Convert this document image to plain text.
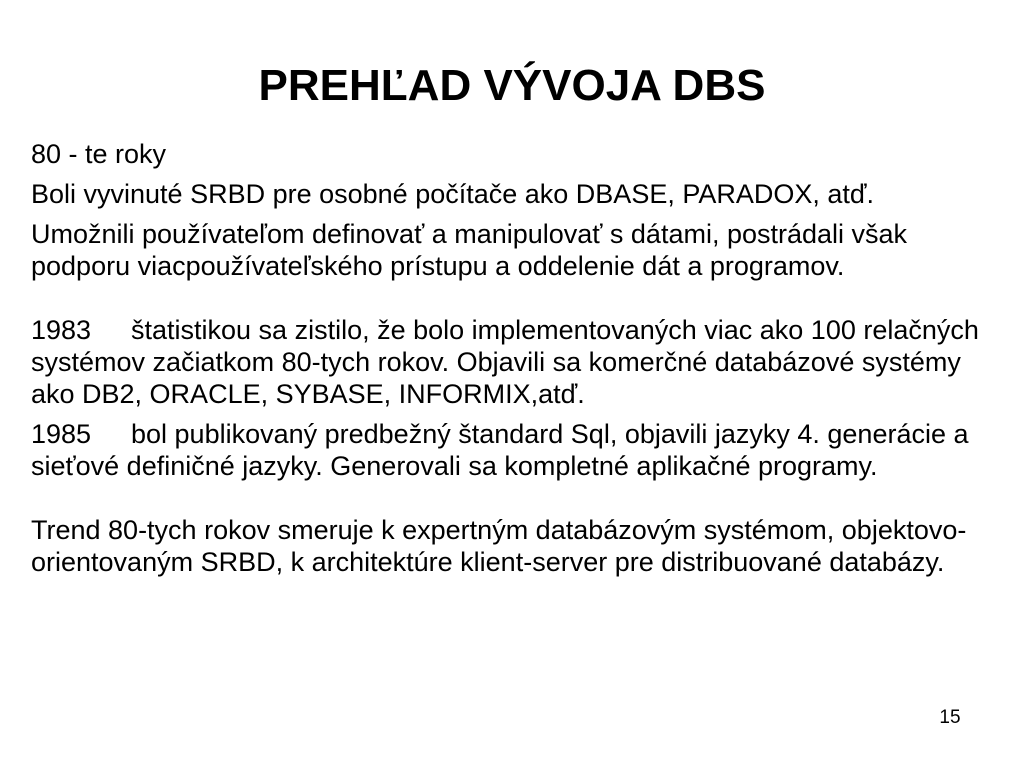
PREHĽAD VÝVOJA DBS

80 - te roky

Boli vyvinuté SRBD pre osobné počítače ako DBASE, PARADOX, atď.

Umožnili používateľom definovať a manipulovať s dátami, postrádali však podporu viacpoužívateľského prístupu a oddelenie dát a programov.

1983 štatistikou sa zistilo, že bolo implementovaných viac ako 100 relačných systémov začiatkom 80-tych rokov. Objavili sa komerčné databázové systémy ako DB2, ORACLE, SYBASE, INFORMIX,atď.

1985 bol publikovaný predbežný štandard Sql, objavili jazyky 4. generácie a sieťové definičné jazyky. Generovali sa kompletné aplikačné programy.

Trend 80-tych rokov smeruje k expertným databázovým systémom, objektovo-orientovaným SRBD, k architektúre klient-server pre distribuované databázy.

15
